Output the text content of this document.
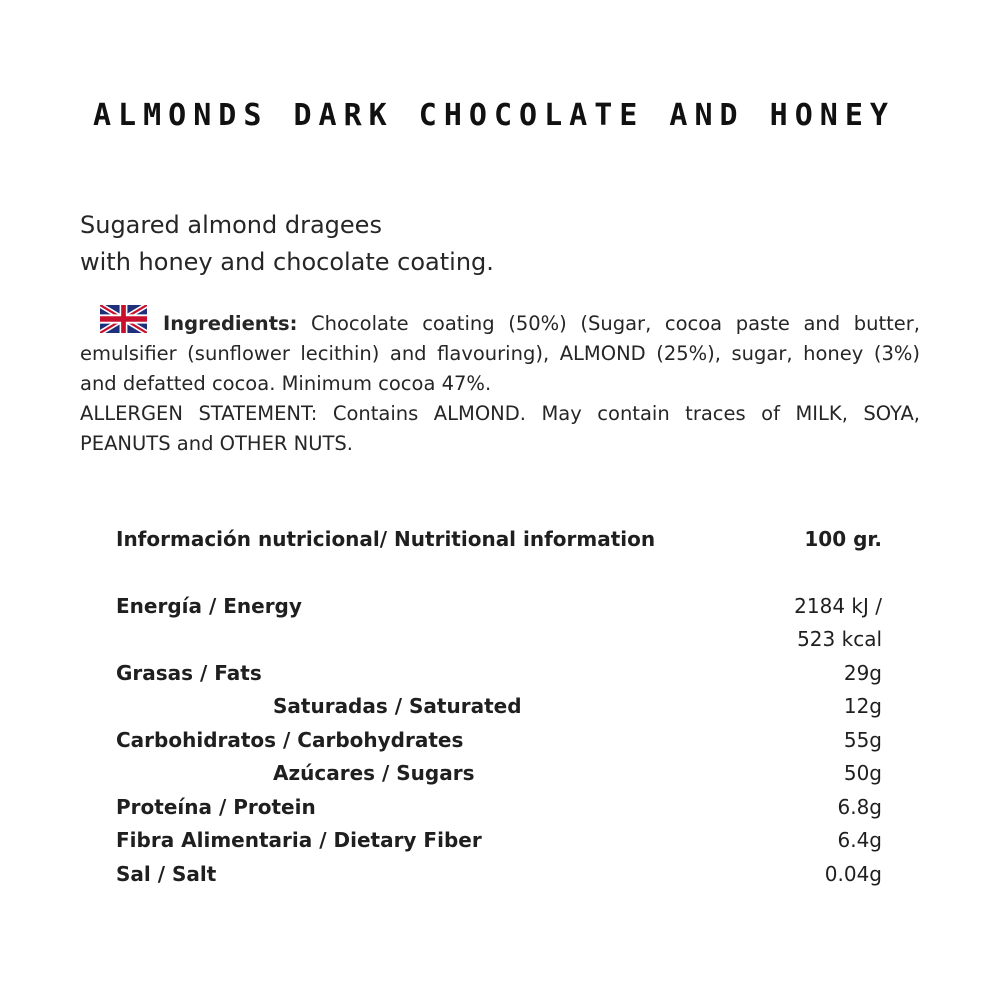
ALMONDS DARK CHOCOLATE AND HONEY
Sugared almond dragees
with honey and chocolate coating.
Ingredients: Chocolate coating (50%) (Sugar, cocoa paste and butter, emulsifier (sunflower lecithin) and flavouring), ALMOND (25%), sugar, honey (3%) and defatted cocoa. Minimum cocoa 47%.
ALLERGEN STATEMENT: Contains ALMOND. May contain traces of MILK, SOYA, PEANUTS and OTHER NUTS.
Información nutricional/ Nutritional information	100 gr.
Energía / Energy	2184 kJ /
523 kcal
Grasas / Fats	29g
Saturadas / Saturated	12g
Carbohidratos / Carbohydrates	55g
Azúcares / Sugars	50g
Proteína / Protein	6.8g
Fibra Alimentaria / Dietary Fiber	6.4g
Sal / Salt	0.04g
